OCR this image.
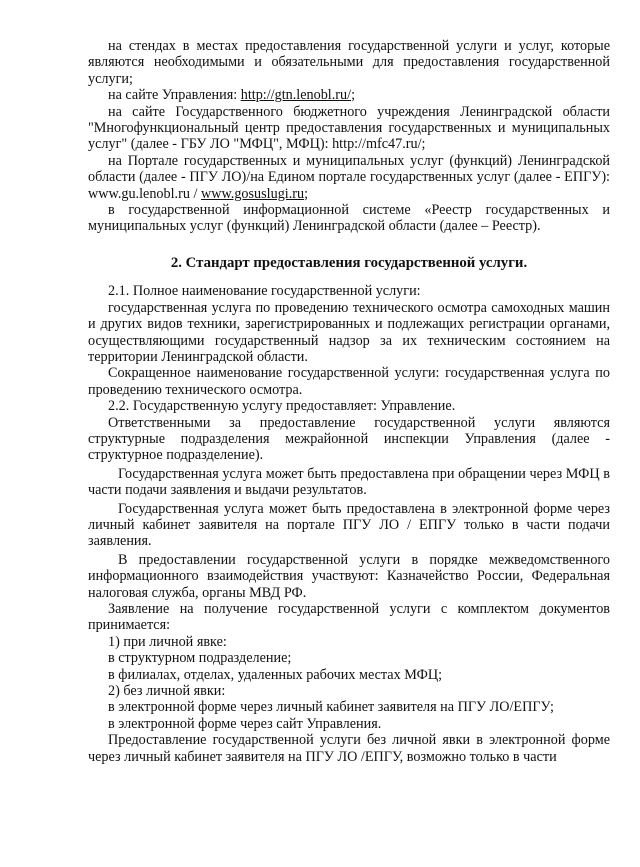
на стендах в местах предоставления государственной услуги и услуг, которые являются необходимыми и обязательными для предоставления государственной услуги;

на сайте Управления: http://gtn.lenobl.ru/;

на сайте Государственного бюджетного учреждения Ленинградской области "Многофункциональный центр предоставления государственных и муниципальных услуг" (далее - ГБУ ЛО "МФЦ", МФЦ): http://mfc47.ru/;

на Портале государственных и муниципальных услуг (функций) Ленинградской области (далее - ПГУ ЛО)/на Едином портале государственных услуг (далее - ЕПГУ): www.gu.lenobl.ru / www.gosuslugi.ru;

в государственной информационной системе «Реестр государственных и муниципальных услуг (функций) Ленинградской области (далее – Реестр).

2. Стандарт предоставления государственной услуги.

2.1. Полное наименование государственной услуги:

государственная услуга по проведению технического осмотра самоходных машин и других видов техники, зарегистрированных и подлежащих регистрации органами, осуществляющими государственный надзор за их техническим состоянием на территории Ленинградской области.

Сокращенное наименование государственной услуги: государственная услуга по проведению технического осмотра.

2.2. Государственную услугу предоставляет: Управление.

Ответственными за предоставление государственной услуги являются структурные подразделения межрайонной инспекции Управления (далее - структурное подразделение).

Государственная услуга может быть предоставлена при обращении через МФЦ в части подачи заявления и выдачи результатов.

Государственная услуга может быть предоставлена в электронной форме через личный кабинет заявителя на портале ПГУ ЛО / ЕПГУ только в части подачи заявления.

В предоставлении государственной услуги в порядке межведомственного информационного взаимодействия участвуют: Казначейство России, Федеральная налоговая служба, органы МВД РФ.

Заявление на получение государственной услуги с комплектом документов принимается:

1) при личной явке:

в структурном подразделение;

в филиалах, отделах, удаленных рабочих местах МФЦ;

2) без личной явки:

в электронной форме через личный кабинет заявителя на ПГУ ЛО/ЕПГУ;

в электронной форме через сайт Управления.

Предоставление государственной услуги без личной явки в электронной форме через личный кабинет заявителя на ПГУ ЛО /ЕПГУ, возможно только в части
